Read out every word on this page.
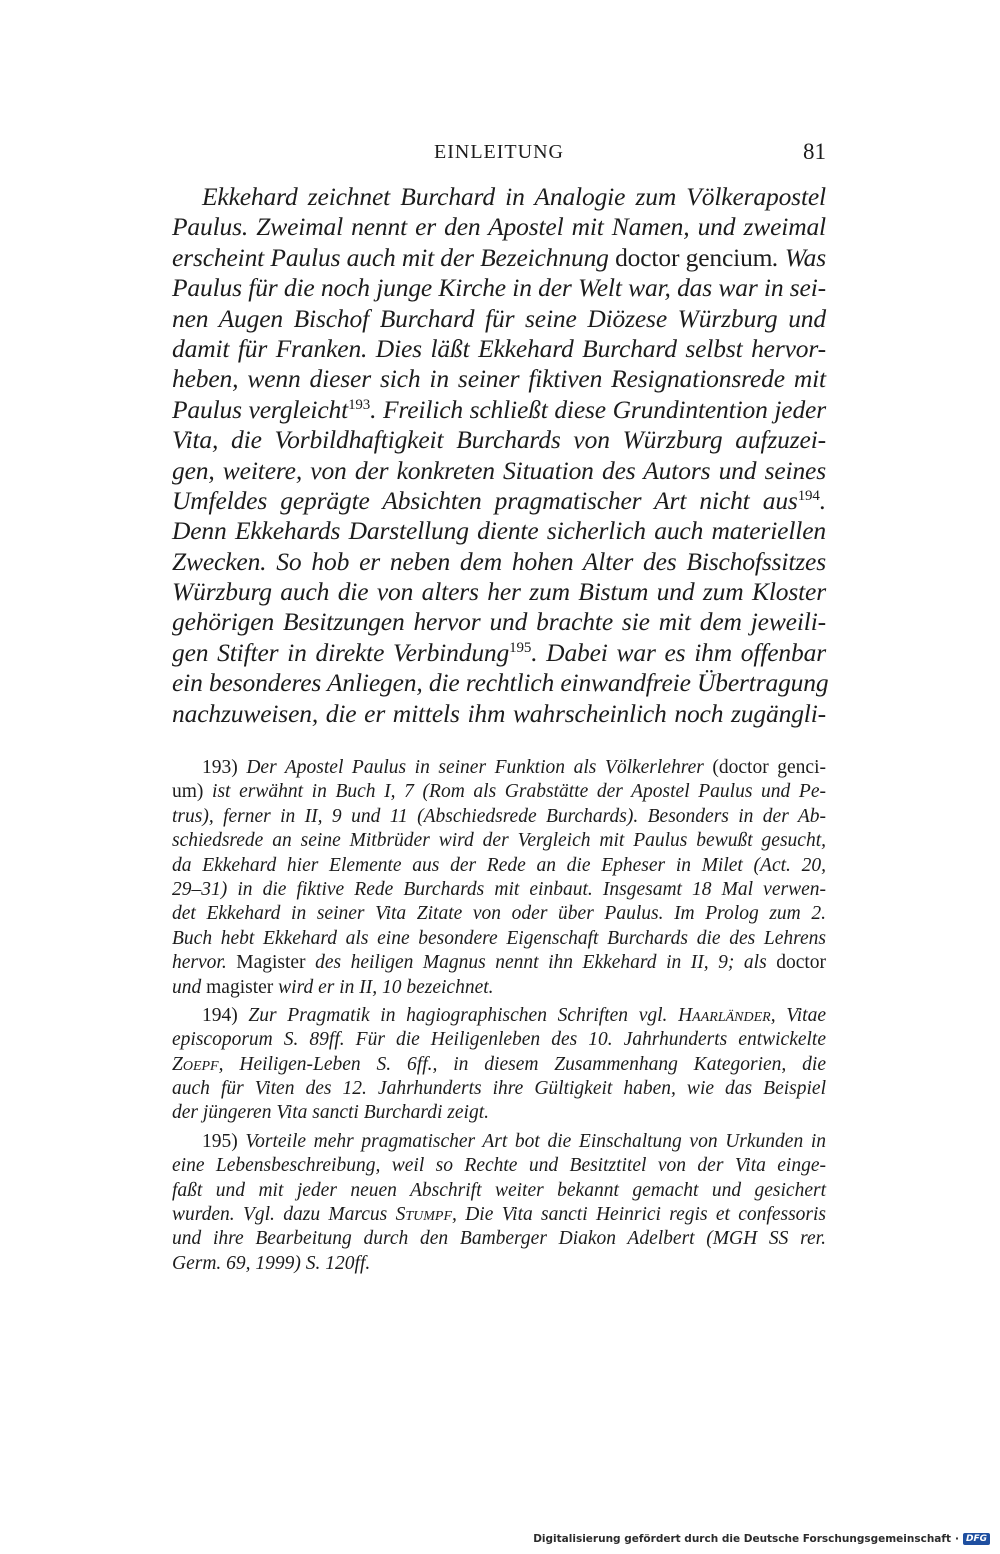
EINLEITUNG	81
Ekkehard zeichnet Burchard in Analogie zum Völkerapostel
Paulus. Zweimal nennt er den Apostel mit Namen, und zweimal
erscheint Paulus auch mit der Bezeichnung doctor gencium. Was
Paulus für die noch junge Kirche in der Welt war, das war in sei-
nen Augen Bischof Burchard für seine Diözese Würzburg und
damit für Franken. Dies läßt Ekkehard Burchard selbst hervor-
heben, wenn dieser sich in seiner fiktiven Resignationsrede mit
Paulus vergleicht$^{193}$. Freilich schließt diese Grundintention jeder
Vita, die Vorbildhaftigkeit Burchards von Würzburg aufzuzei-
gen, weitere, von der konkreten Situation des Autors und seines
Umfeldes geprägte Absichten pragmatischer Art nicht aus$^{194}$.
Denn Ekkehards Darstellung diente sicherlich auch materiellen
Zwecken. So hob er neben dem hohen Alter des Bischofssitzes
Würzburg auch die von alters her zum Bistum und zum Kloster
gehörigen Besitzungen hervor und brachte sie mit dem jeweili-
gen Stifter in direkte Verbindung$^{195}$. Dabei war es ihm offenbar
ein besonderes Anliegen, die rechtlich einwandfreie Übertragung
nachzuweisen, die er mittels ihm wahrscheinlich noch zugängli-
193) Der Apostel Paulus in seiner Funktion als Völkerlehrer (doctor genci-
um) ist erwähnt in Buch I, 7 (Rom als Grabstätte der Apostel Paulus und Pe-
trus), ferner in II, 9 und 11 (Abschiedsrede Burchards). Besonders in der Ab-
schiedsrede an seine Mitbrüder wird der Vergleich mit Paulus bewußt gesucht,
da Ekkehard hier Elemente aus der Rede an die Epheser in Milet (Act. 20,
29–31) in die fiktive Rede Burchards mit einbaut. Insgesamt 18 Mal verwen-
det Ekkehard in seiner Vita Zitate von oder über Paulus. Im Prolog zum 2.
Buch hebt Ekkehard als eine besondere Eigenschaft Burchards die des Lehrens
hervor. Magister des heiligen Magnus nennt ihn Ekkehard in II, 9; als doctor
und magister wird er in II, 10 bezeichnet.
194) Zur Pragmatik in hagiographischen Schriften vgl. Haarländer, Vitae
episcoporum S. 89ff. Für die Heiligenleben des 10. Jahrhunderts entwickelte
Zoepf, Heiligen-Leben S. 6ff., in diesem Zusammenhang Kategorien, die
auch für Viten des 12. Jahrhunderts ihre Gültigkeit haben, wie das Beispiel
der jüngeren Vita sancti Burchardi zeigt.
195) Vorteile mehr pragmatischer Art bot die Einschaltung von Urkunden in
eine Lebensbeschreibung, weil so Rechte und Besitztitel von der Vita einge-
faßt und mit jeder neuen Abschrift weiter bekannt gemacht und gesichert
wurden. Vgl. dazu Marcus Stumpf, Die Vita sancti Heinrici regis et confessoris
und ihre Bearbeitung durch den Bamberger Diakon Adelbert (MGH SS rer.
Germ. 69, 1999) S. 120ff.
Digitalisierung gefördert durch die Deutsche Forschungsgemeinschaft · DFG
